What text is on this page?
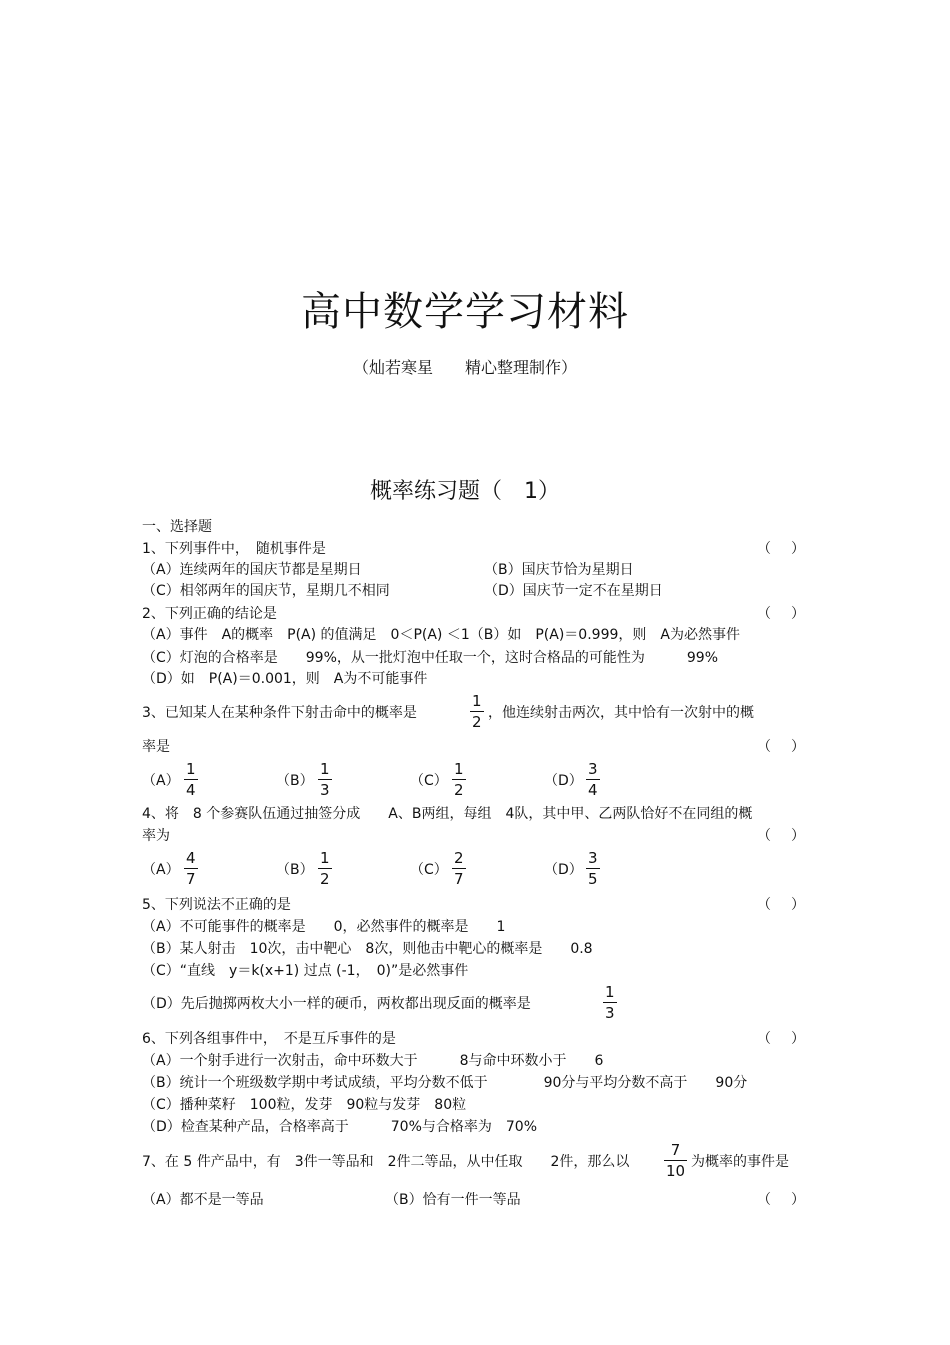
高中数学学习材料
（灿若寒星　　精心整理制作）
概率练习题（　1）
一、选择题
1、下列事件中，　随机事件是	（ ）
（A）连续两年的国庆节都是星期日	（B）国庆节恰为星期日
（C）相邻两年的国庆节，星期几不相同	（D）国庆节一定不在星期日
2、下列正确的结论是	（ ）
（A）事件　A的概率　P(A) 的值满足　0＜P(A) ＜1（B）如　P(A)＝0.999，则　A为必然事件
（C）灯泡的合格率是　　99%，从一批灯泡中任取一个，这时合格品的可能性为　　　99%
（D）如　P(A)＝0.001，则　A为不可能事件
3、已知某人在某种条件下射击命中的概率是
1
2 ，他连续射击两次，其中恰有一次射中的概
率是	（ ）
（A）
1
4	（B）
1
3	（C）
1
2	（D）
3
4
4、将　8 个参赛队伍通过抽签分成　　A、B两组，每组　4队，其中甲、乙两队恰好不在同组的概
率为	（ ）
（A）
4
7	（B）
1
2	（C）
2
7	（D）
3
5
5、下列说法不正确的是	（ ）
（A）不可能事件的概率是　　0，必然事件的概率是　　1
（B）某人射击　10次，击中靶心　8次，则他击中靶心的概率是　　0.8
（C）“直线　y＝k(x+1) 过点 (-1，　0)”是必然事件
（D）先后抛掷两枚大小一样的硬币，两枚都出现反面的概率是
1
3
6、下列各组事件中，　不是互斥事件的是	（ ）
（A）一个射手进行一次射击，命中环数大于　　　8与命中环数小于　　6
（B）统计一个班级数学期中考试成绩，平均分数不低于　　　　90分与平均分数不高于　　90分
（C）播种菜籽　100粒，发芽　90粒与发芽　80粒
（D）检查某种产品，合格率高于　　　70%与合格率为　70%
7、在 5 件产品中，有　3件一等品和　2件二等品，从中任取　　2件，那么以
7
10 为概率的事件是
（A）都不是一等品	（B）恰有一件一等品	（ ）
